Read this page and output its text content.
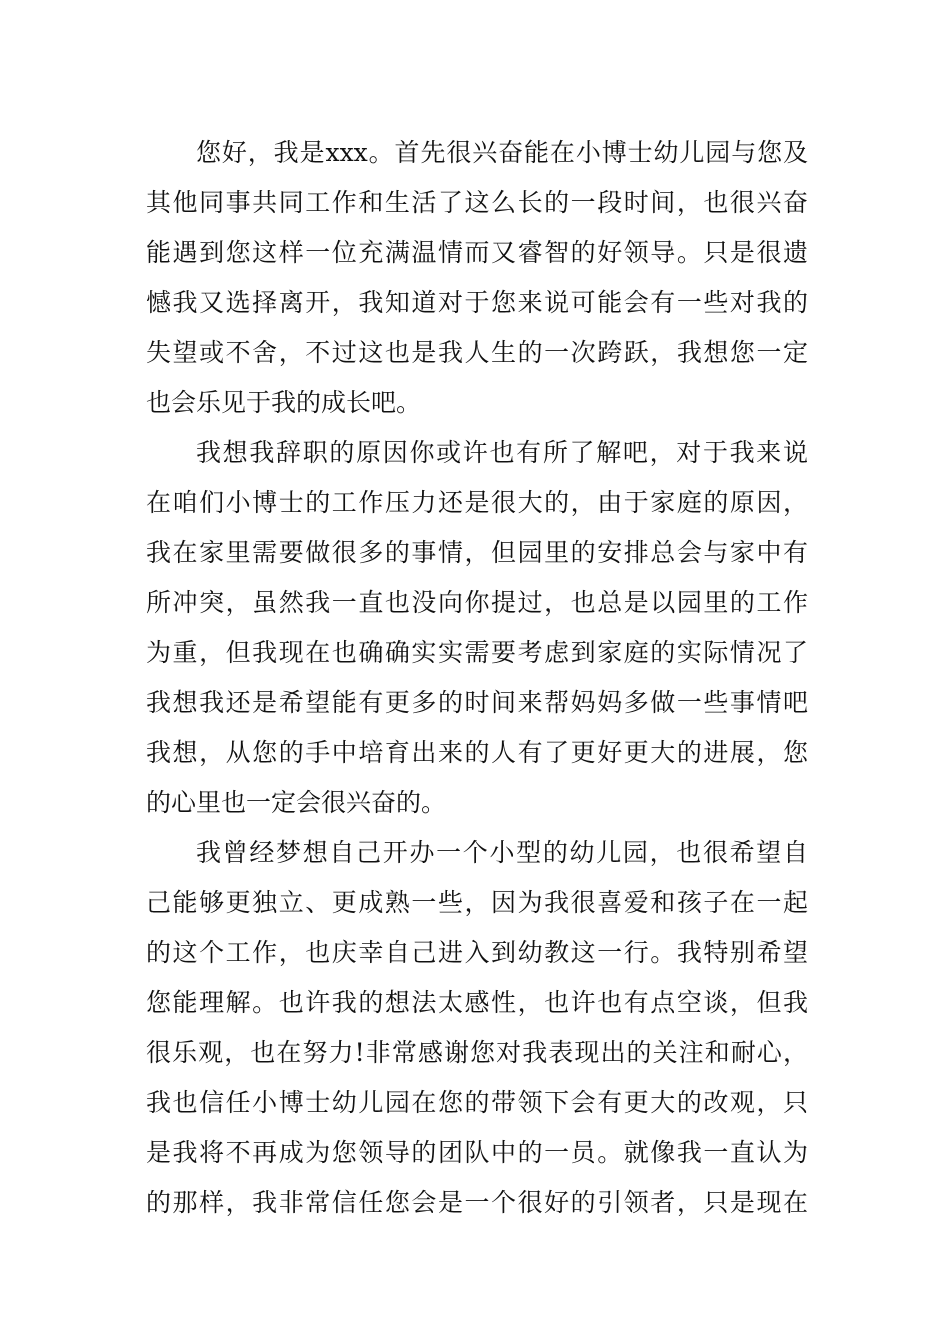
您好，我是xxx。首先很兴奋能在小博士幼儿园与您及
其他同事共同工作和生活了这么长的一段时间，也很兴奋
能遇到您这样一位充满温情而又睿智的好领导。只是很遗
憾我又选择离开，我知道对于您来说可能会有一些对我的
失望或不舍，不过这也是我人生的一次跨跃，我想您一定
也会乐见于我的成长吧。
我想我辞职的原因你或许也有所了解吧，对于我来说
在咱们小博士的工作压力还是很大的，由于家庭的原因，
我在家里需要做很多的事情，但园里的安排总会与家中有
所冲突，虽然我一直也没向你提过，也总是以园里的工作
为重，但我现在也确确实实需要考虑到家庭的实际情况了
我想我还是希望能有更多的时间来帮妈妈多做一些事情吧
我想，从您的手中培育出来的人有了更好更大的进展，您
的心里也一定会很兴奋的。
我曾经梦想自己开办一个小型的幼儿园，也很希望自
己能够更独立、更成熟一些，因为我很喜爱和孩子在一起
的这个工作，也庆幸自己进入到幼教这一行。我特别希望
您能理解。也许我的想法太感性，也许也有点空谈，但我
很乐观，也在努力!非常感谢您对我表现出的关注和耐心，
我也信任小博士幼儿园在您的带领下会有更大的改观，只
是我将不再成为您领导的团队中的一员。就像我一直认为
的那样，我非常信任您会是一个很好的引领者，只是现在
